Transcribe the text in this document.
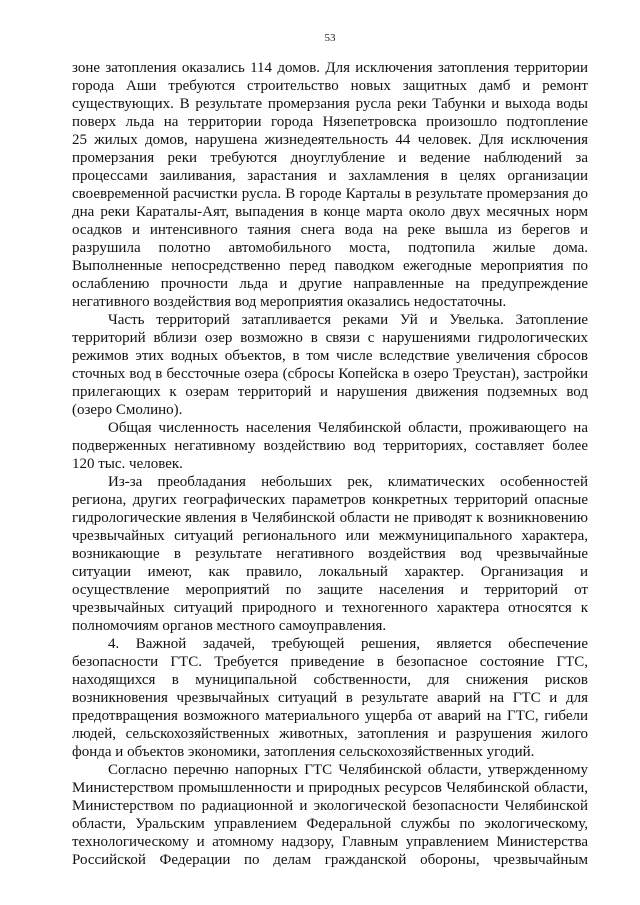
53
зоне затопления оказались 114 домов. Для исключения затопления территории
города Аши требуются строительство новых защитных дамб и ремонт
существующих. В результате промерзания русла реки Табунки и выхода воды
поверх льда на территории города Нязепетровска произошло подтопление
25 жилых домов, нарушена жизнедеятельность 44 человек. Для исключения
промерзания реки требуются дноуглубление и ведение наблюдений за
процессами заиливания, зарастания и захламления в целях организации
своевременной расчистки русла. В городе Карталы в результате промерзания до
дна реки Караталы-Аят, выпадения в конце марта около двух месячных норм
осадков и интенсивного таяния снега вода на реке вышла из берегов и
разрушила полотно автомобильного моста, подтопила жилые дома.
Выполненные непосредственно перед паводком ежегодные мероприятия по
ослаблению прочности льда и другие направленные на предупреждение
негативного воздействия вод мероприятия оказались недостаточны.
Часть территорий затапливается реками Уй и Увелька. Затопление
территорий вблизи озер возможно в связи с нарушениями гидрологических
режимов этих водных объектов, в том числе вследствие увеличения сбросов
сточных вод в бессточные озера (сбросы Копейска в озеро Треустан), застройки
прилегающих к озерам территорий и нарушения движения подземных вод
(озеро Смолино).
Общая численность населения Челябинской области, проживающего на
подверженных негативному воздействию вод территориях, составляет более
120 тыс. человек.
Из-за преобладания небольших рек, климатических особенностей
региона, других географических параметров конкретных территорий опасные
гидрологические явления в Челябинской области не приводят к возникновению
чрезвычайных ситуаций регионального или межмуниципального характера,
возникающие в результате негативного воздействия вод чрезвычайные
ситуации имеют, как правило, локальный характер. Организация и
осуществление мероприятий по защите населения и территорий от
чрезвычайных ситуаций природного и техногенного характера относятся к
полномочиям органов местного самоуправления.
4. Важной задачей, требующей решения, является обеспечение
безопасности ГТС. Требуется приведение в безопасное состояние ГТС,
находящихся в муниципальной собственности, для снижения рисков
возникновения чрезвычайных ситуаций в результате аварий на ГТС и для
предотвращения возможного материального ущерба от аварий на ГТС, гибели
людей, сельскохозяйственных животных, затопления и разрушения жилого
фонда и объектов экономики, затопления сельскохозяйственных угодий.
Согласно перечню напорных ГТС Челябинской области, утвержденному
Министерством промышленности и природных ресурсов Челябинской области,
Министерством по радиационной и экологической безопасности Челябинской
области, Уральским управлением Федеральной службы по экологическому,
технологическому и атомному надзору, Главным управлением Министерства
Российской Федерации по делам гражданской обороны, чрезвычайным
